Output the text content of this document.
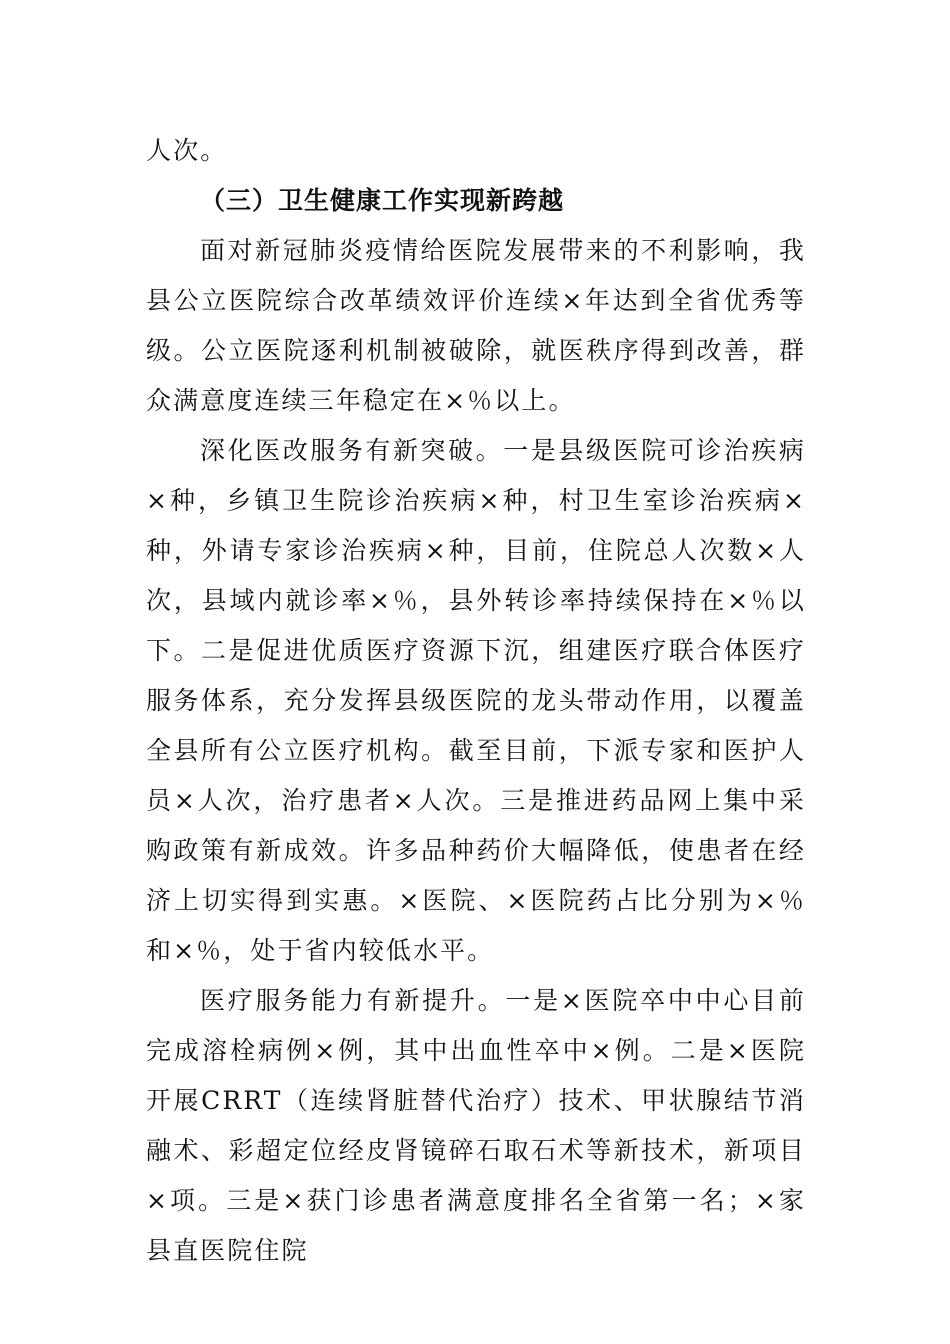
人次。

（三）卫生健康工作实现新跨越

面对新冠肺炎疫情给医院发展带来的不利影响，我县公立医院综合改革绩效评价连续×年达到全省优秀等级。公立医院逐利机制被破除，就医秩序得到改善，群众满意度连续三年稳定在×％以上。

深化医改服务有新突破。一是县级医院可诊治疾病×种，乡镇卫生院诊治疾病×种，村卫生室诊治疾病×种，外请专家诊治疾病×种，目前，住院总人次数×人次，县域内就诊率×％，县外转诊率持续保持在×％以下。二是促进优质医疗资源下沉，组建医疗联合体医疗服务体系，充分发挥县级医院的龙头带动作用，以覆盖全县所有公立医疗机构。截至目前，下派专家和医护人员×人次，治疗患者×人次。三是推进药品网上集中采购政策有新成效。许多品种药价大幅降低，使患者在经济上切实得到实惠。×医院、×医院药占比分别为×％和×％，处于省内较低水平。

医疗服务能力有新提升。一是×医院卒中中心目前完成溶栓病例×例，其中出血性卒中×例。二是×医院开展CRRT（连续肾脏替代治疗）技术、甲状腺结节消融术、彩超定位经皮肾镜碎石取石术等新技术，新项目×项。三是×获门诊患者满意度排名全省第一名；×家县直医院住院
